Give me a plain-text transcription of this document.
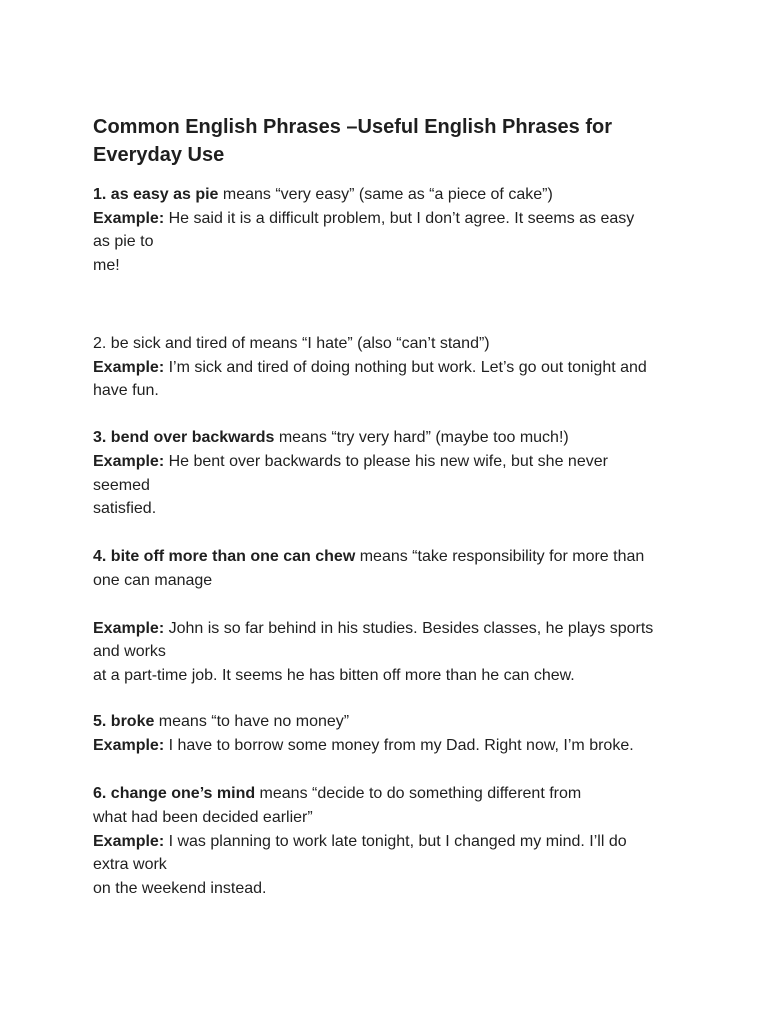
Common English Phrases –Useful English Phrases for
Everyday Use
1. as easy as pie means “very easy” (same as “a piece of cake”)
Example: He said it is a difficult problem, but I don’t agree. It seems as easy
as pie to
me!
2. be sick and tired of means “I hate” (also “can’t stand”)
Example: I’m sick and tired of doing nothing but work. Let’s go out tonight and
have fun.
3. bend over backwards means “try very hard” (maybe too much!)
Example: He bent over backwards to please his new wife, but she never
seemed
satisfied.
4. bite off more than one can chew means “take responsibility for more than
one can manage
Example: John is so far behind in his studies. Besides classes, he plays sports
and works
at a part-time job. It seems he has bitten off more than he can chew.
5. broke means “to have no money”
Example: I have to borrow some money from my Dad. Right now, I’m broke.
6. change one’s mind means “decide to do something different from
what had been decided earlier”
Example: I was planning to work late tonight, but I changed my mind. I’ll do
extra work
on the weekend instead.
